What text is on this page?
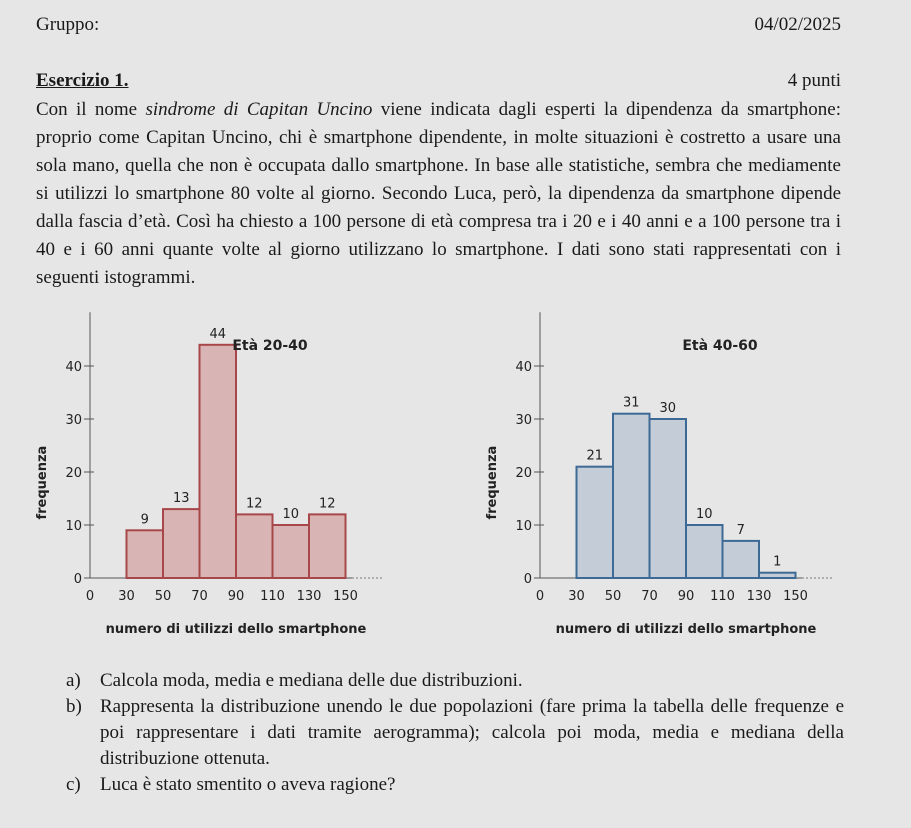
Gruppo:	04/02/2025
Esercizio 1.	4 punti

Con il nome sindrome di Capitan Uncino viene indicata dagli esperti la dipendenza da smartphone: proprio come Capitan Uncino, chi è smartphone dipendente, in molte situazioni è costretto a usare una sola mano, quella che non è occupata dallo smartphone. In base alle statistiche, sembra che mediamente si utilizzi lo smartphone 80 volte al giorno. Secondo Luca, però, la dipendenza da smartphone dipende dalla fascia d’età. Così ha chiesto a 100 persone di età compresa tra i 20 e i 40 anni e a 100 persone tra i 40 e i 60 anni quante volte al giorno utilizzano lo smartphone. I dati sono stati rappresentati con i seguenti istogrammi.

0
10
20
30
40
0 30 50 70 90 110 130 150
9
13
44
12
10
12
Età 20-40
frequenza
numero di utilizzi dello smartphone
0
10
20
30
40
0 30 50 70 90 110 130 150
21
31 30
10
7
1
Età 40-60
frequenza
numero di utilizzi dello smartphone
a)	Calcola moda, media e mediana delle due distribuzioni.
b) Rappresenta la distribuzione unendo le due popolazioni (fare prima la tabella delle frequenze e poi rappresentare i dati tramite aerogramma); calcola poi moda, media e mediana della distribuzione ottenuta.
c)	Luca è stato smentito o aveva ragione?
